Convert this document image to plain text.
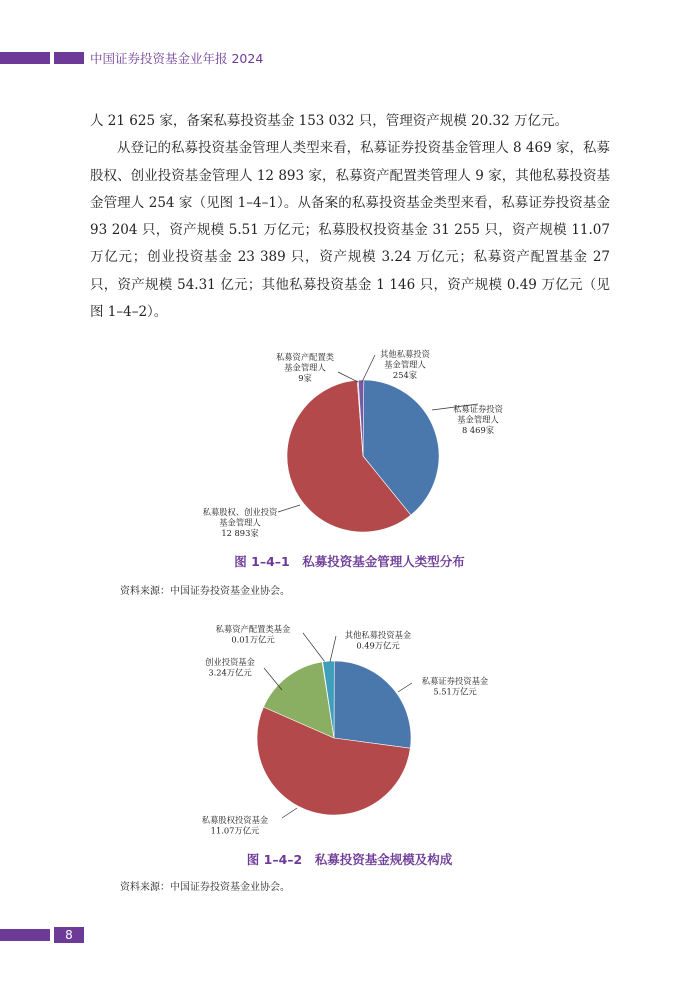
中国证券投资基金业年报 2024

人 21 625 家，备案私募投资基金 153 032 只，管理资产规模 20.32 万亿元。

从登记的私募投资基金管理人类型来看，私募证券投资基金管理人 8 469 家，私募股权、创业投资基金管理人 12 893 家，私募资产配置类管理人 9 家，其他私募投资基金管理人 254 家（见图 1–4–1）。从备案的私募投资基金类型来看，私募证券投资基金 93 204 只，资产规模 5.51 万亿元；私募股权投资基金 31 255 只，资产规模 11.07 万亿元；创业投资基金 23 389 只，资产规模 3.24 万亿元；私募资产配置基金 27 只，资产规模 54.31 亿元；其他私募投资基金 1 146 只，资产规模 0.49 万亿元（见图 1–4–2）。

私募证券投资基金管理人 8 469家
私募股权、创业投资基金管理人 12 893家
私募资产配置类基金管理人 9家
其他私募投资基金管理人 254家
图 1–4–1　私募投资基金管理人类型分布
资料来源：中国证券投资基金业协会。
私募证券投资基金 5.51万亿元
私募股权投资基金 11.07万亿元
创业投资基金 3.24万亿元
私募资产配置类基金 0.01万亿元	其他私募投资基金 0.49万亿元
图 1–4–2　私募投资基金规模及构成
资料来源：中国证券投资基金业协会。
8
